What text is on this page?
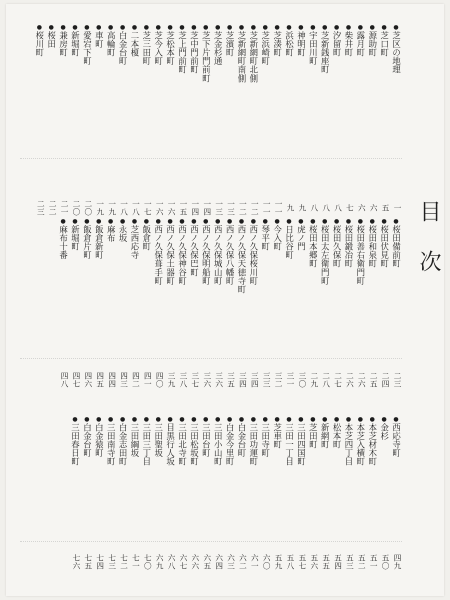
目次
●
芝区の地理
●
芝口町
●
源助町
●
露月町
●
柴井町
●
汐留町
●
芝新銭座町
●
宇田川町
●
神明町
●
浜松町
●
芝湊町
●
芝浜崎町
●
芝新網町北側
●
芝新網町南側
●
芝濱町
●
芝金杉通
●
芝下片門前町
●
芝中門前町
●
芝上門前町
●
芝松本町
●
芝今入町
●
芝三田町
●
二本榎
●
白金台町
●
高輪町
●
車町
●
愛宕下町
●
新堀町
●
兼房町
●
桜田
●
桜川町
一
五
六
六
七
八
八
八
九
九
一一
一一
一二
一二
一三
一三
一四
一四
一五
一六
一六
一七
一八
一八
一九
一九
二〇
二〇
二一
二二
二三
●
桜田備前町
●
桜田伏見町
●
桜田和泉町
●
桜田善右衛門町
●
桜田鍛冶町
●
桜田久保町
●
桜田太左衛門町
●
桜田本郷町
●
虎ノ門
●
日比谷町
●
今入町
●
琴平町
●
西ノ久保桜川町
●
西ノ久保天徳寺町
●
西ノ久保八幡町
●
西ノ久保城山町
●
西ノ久保明船町
●
西ノ久保巴町
●
西ノ久保神谷町
●
西ノ久保土器町
●
西ノ久保葺手町
●
飯倉町
●
芝西応寺
●
永坂
●
麻布
●
飯倉新町
●
飯倉片町
●
新堀町
●
麻布十番
二三
二四
二五
二六
二六
二七
二八
二九
三〇
三一
三二
三三
三四
三四
三五
三六
三六
三七
三八
三九
四〇
四一
四二
四三
四四
四五
四六
四七
四八
●
西応寺町
●
金杉
●
本芝材木町
●
本芝入横町
●
本芝四丁目
●
松本町
●
新網町
●
芝田町
●
三田四国町
●
三田一丁目
●
芝車町
●
三田寺町
●
三田功運町
●
白金台町
●
白金今里町
●
三田小山町
●
三田台町
●
三田松坂町
●
三田北寺町
●
目黒行人坂
●
三田聖坂
●
三田三丁目
●
三田綱坂
●
白金志田町
●
三田南寺町
●
白金猿町
●
白金台町
●
三田春日町
四九
五〇
五一
五二
五三
五四
五五
五六
五七
五八
五九
六〇
六一
六二
六三
六四
六五
六六
六七
六八
六九
七〇
七一
七二
七三
七四
七五
七六
